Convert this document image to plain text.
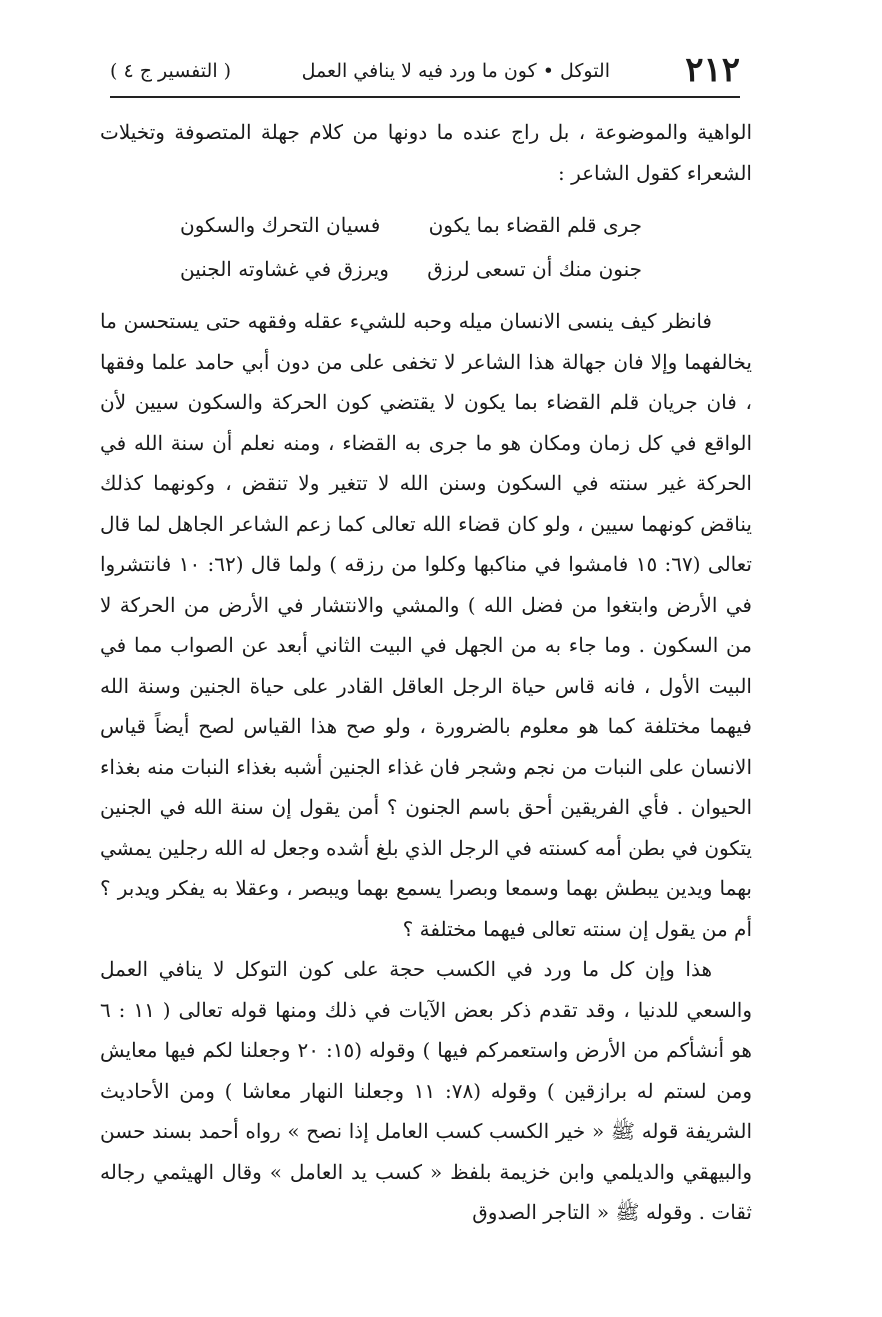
٢١٢
التوكل • كون ما ورد فيه لا ينافي العمل
( التفسير ج ٤ )

الواهية والموضوعة ، بل راج عنده ما دونها من كلام جهلة المتصوفة وتخيلات الشعراء كقول الشاعر :

جرى قلم القضاء بما يكون
فسيان التحرك والسكون
جنون منك أن تسعى لرزق
ويرزق في غشاوته الجنين

فانظر كيف ينسى الانسان ميله وحبه للشيء عقله وفقهه حتى يستحسن ما يخالفهما وإلا فان جهالة هذا الشاعر لا تخفى على من دون أبي حامد علما وفقها ، فان جريان قلم القضاء بما يكون لا يقتضي كون الحركة والسكون سيين لأن الواقع في كل زمان ومكان هو ما جرى به القضاء ، ومنه نعلم أن سنة الله في الحركة غير سنته في السكون وسنن الله لا تتغير ولا تنقض ، وكونهما كذلك يناقض كونهما سيين ، ولو كان قضاء الله تعالى كما زعم الشاعر الجاهل لما قال تعالى (٦٧: ١٥ فامشوا في مناكبها وكلوا من رزقه ) ولما قال (٦٢: ١٠ فانتشروا في الأرض وابتغوا من فضل الله ) والمشي والانتشار في الأرض من الحركة لا من السكون . وما جاء به من الجهل في البيت الثاني أبعد عن الصواب مما في البيت الأول ، فانه قاس حياة الرجل العاقل القادر على حياة الجنين وسنة الله فيهما مختلفة كما هو معلوم بالضرورة ، ولو صح هذا القياس لصح أيضاً قياس الانسان على النبات من نجم وشجر فان غذاء الجنين أشبه بغذاء النبات منه بغذاء الحيوان . فأي الفريقين أحق باسم الجنون ؟ أمن يقول إن سنة الله في الجنين يتكون في بطن أمه كسنته في الرجل الذي بلغ أشده وجعل له الله رجلين يمشي بهما ويدين يبطش بهما وسمعا وبصرا يسمع بهما ويبصر ، وعقلا به يفكر ويدبر ؟ أم من يقول إن سنته تعالى فيهما مختلفة ؟

هذا وإن كل ما ورد في الكسب حجة على كون التوكل لا ينافي العمل والسعي للدنيا ، وقد تقدم ذكر بعض الآيات في ذلك ومنها قوله تعالى ( ١١ : ٦ هو أنشأكم من الأرض واستعمركم فيها ) وقوله (١٥: ٢٠ وجعلنا لكم فيها معايش ومن لستم له برازقين ) وقوله (٧٨: ١١ وجعلنا النهار معاشا ) ومن الأحاديث الشريفة قوله ﷺ « خير الكسب كسب العامل إذا نصح » رواه أحمد بسند حسن والبيهقي والديلمي وابن خزيمة بلفظ « كسب يد العامل » وقال الهيثمي رجاله ثقات . وقوله ﷺ « التاجر الصدوق
